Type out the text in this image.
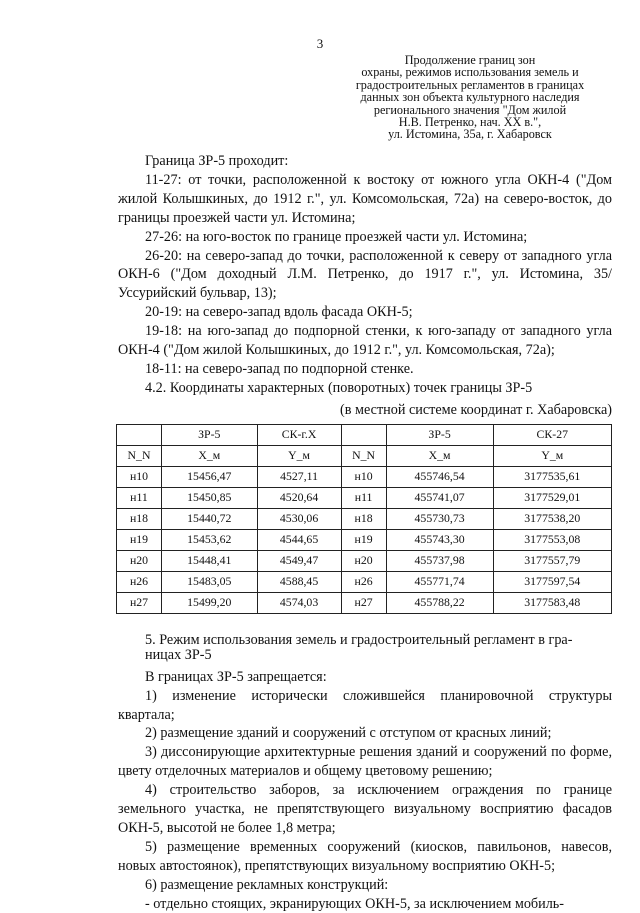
3
Продолжение границ зон
охраны, режимов использования земель и
градостроительных регламентов в границах
данных зон объекта культурного наследия
регионального значения "Дом жилой
Н.В. Петренко, нач. XX в.",
ул. Истомина, 35а, г. Хабаровск

Граница ЗР-5 проходит:

11-27: от точки, расположенной к востоку от южного угла ОКН-4 ("Дом жилой Колышкиных, до 1912 г.", ул. Комсомольская, 72а) на северо-восток, до границы проезжей части ул. Истомина;

27-26: на юго-восток по границе проезжей части ул. Истомина;

26-20: на северо-запад до точки, расположенной к северу от западного угла ОКН-6 ("Дом доходный Л.М. Петренко, до 1917 г.", ул. Истомина, 35/ Уссурийский бульвар, 13);

20-19: на северо-запад вдоль фасада ОКН-5;

19-18: на юго-запад до подпорной стенки, к юго-западу от западного угла ОКН-4 ("Дом жилой Колышкиных, до 1912 г.", ул. Комсомольская, 72а);

18-11: на северо-запад по подпорной стенке.

4.2. Координаты характерных (поворотных) точек границы ЗР-5

(в местной системе координат г. Хабаровска)
	ЗР-5	СК-г.Х		ЗР-5	СК-27
N_N	X_м	Y_м	N_N	X_м	Y_м
н10	15456,47	4527,11	н10	455746,54	3177535,61
н11	15450,85	4520,64	н11	455741,07	3177529,01
н18	15440,72	4530,06	н18	455730,73	3177538,20
н19	15453,62	4544,65	н19	455743,30	3177553,08
н20	15448,41	4549,47	н20	455737,98	3177557,79
н26	15483,05	4588,45	н26	455771,74	3177597,54
н27	15499,20	4574,03	н27	455788,22	3177583,48
5. Режим использования земель и градостроительный регламент в гра-
ницах ЗР-5

В границах ЗР-5 запрещается:

1) изменение исторически сложившейся планировочной структуры квартала;

2) размещение зданий и сооружений с отступом от красных линий;

3) диссонирующие архитектурные решения зданий и сооружений по форме, цвету отделочных материалов и общему цветовому решению;

4) строительство заборов, за исключением ограждения по границе земельного участка, не препятствующего визуальному восприятию фасадов ОКН-5, высотой не более 1,8 метра;

5) размещение временных сооружений (киосков, павильонов, навесов, новых автостоянок), препятствующих визуальному восприятию ОКН-5;

6) размещение рекламных конструкций:

- отдельно стоящих, экранирующих ОКН-5, за исключением мобиль-
